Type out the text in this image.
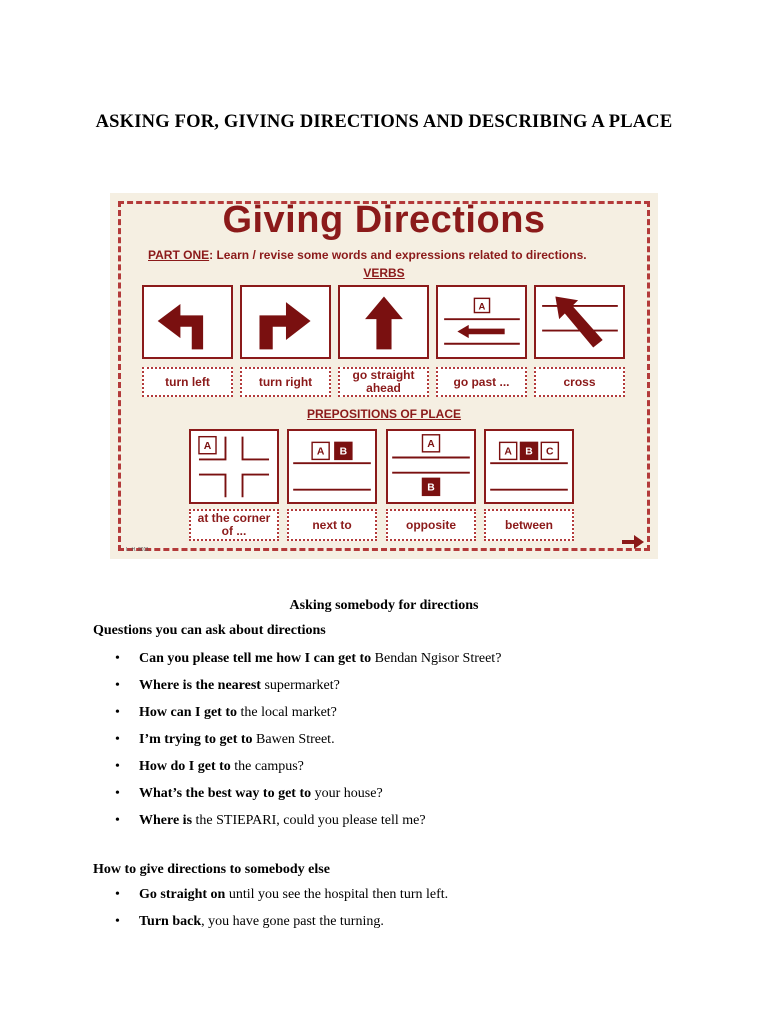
ASKING FOR, GIVING DIRECTIONS AND DESCRIBING A PLACE
Giving Directions
PART ONE: Learn / revise some words and expressions related to directions.
VERBS
A
turn left	turn right	go straight ahead	go past ...	cross
PREPOSITIONS OF PLACE
A
A B
A
B
A B C
at the corner of ...	next to	opposite	between
L. H. 2011
Asking somebody for directions
Questions you can ask about directions
• Can you please tell me how I can get to Bendan Ngisor Street?
• Where is the nearest supermarket?
• How can I get to the local market?
• I’m trying to get to Bawen Street.
• How do I get to the campus?
• What’s the best way to get to your house?
• Where is the STIEPARI, could you please tell me?
How to give directions to somebody else
• Go straight on until you see the hospital then turn left.
• Turn back, you have gone past the turning.
